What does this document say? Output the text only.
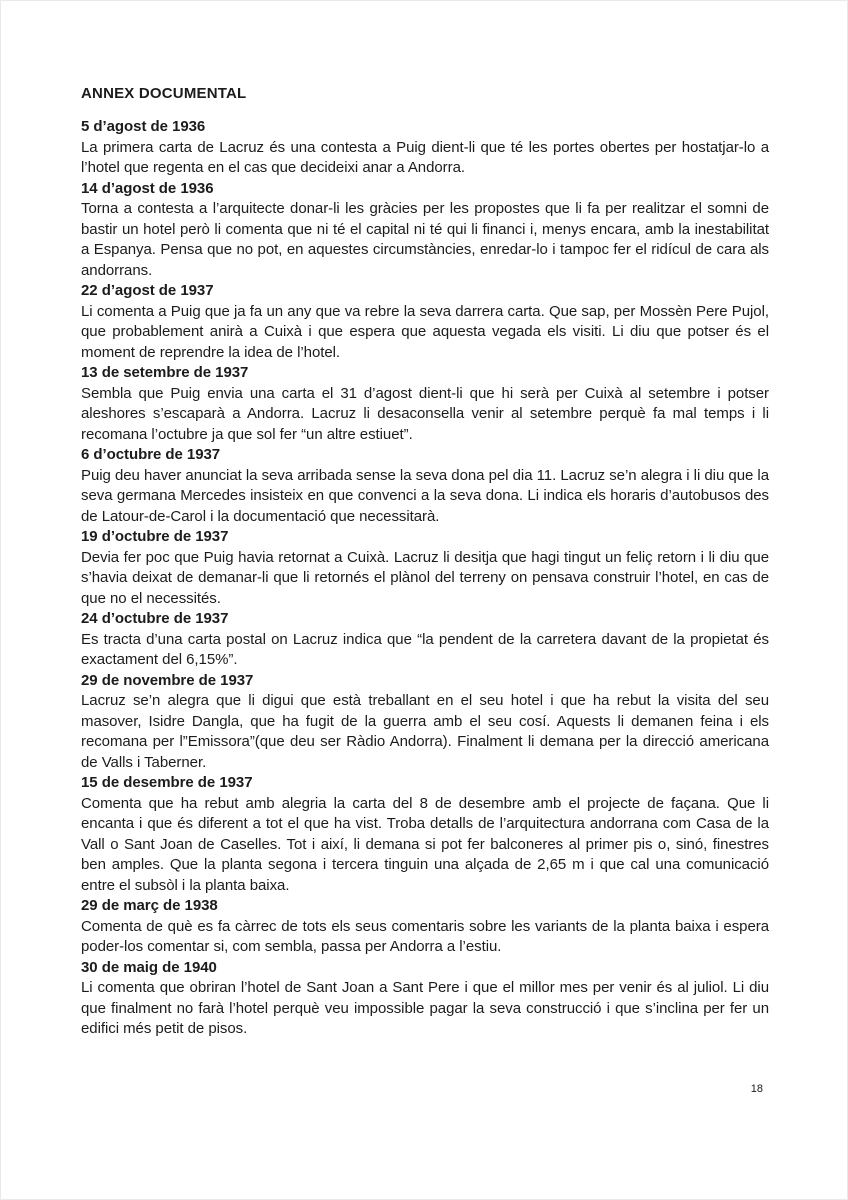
ANNEX DOCUMENTAL
5 d’agost de 1936

La primera carta de Lacruz és una contesta a Puig dient-li que té les portes obertes per hostatjar-lo a l’hotel que regenta en el cas que decideixi anar a Andorra.

14 d’agost de 1936

Torna a contesta a l’arquitecte donar-li les gràcies per les propostes que li fa per realitzar el somni de bastir un hotel però li comenta que ni té el capital ni té qui li financi i, menys encara, amb la inestabilitat a Espanya. Pensa que no pot, en aquestes circumstàncies, enredar-lo i tampoc fer el ridícul de cara als andorrans.

22 d’agost de 1937

Li comenta a Puig que ja fa un any que va rebre la seva darrera carta. Que sap, per Mossèn Pere Pujol, que probablement anirà a Cuixà i que espera que aquesta vegada els visiti. Li diu que potser és el moment de reprendre la idea de l’hotel.

13 de setembre de 1937

Sembla que Puig envia una carta el 31 d’agost dient-li que hi serà per Cuixà al setembre i potser aleshores s’escaparà a Andorra. Lacruz li desaconsella venir al setembre perquè fa mal temps i li recomana l’octubre ja que sol fer “un altre estiuet”.

6 d’octubre de 1937

Puig deu haver anunciat la seva arribada sense la seva dona pel dia 11. Lacruz se’n alegra i li diu que la seva germana Mercedes insisteix en que convenci a la seva dona. Li indica els horaris d’autobusos des de Latour-de-Carol i la documentació que necessitarà.

19 d’octubre de 1937

Devia fer poc que Puig havia retornat a Cuixà. Lacruz li desitja que hagi tingut un feliç retorn i li diu que s’havia deixat de demanar-li que li retornés el plànol del terreny on pensava construir l’hotel, en cas de que no el necessités.

24 d’octubre de 1937

Es tracta d’una carta postal on Lacruz indica que “la pendent de la carretera davant de la propietat és exactament del 6,15%”.

29 de novembre de 1937

Lacruz se’n alegra que li digui que està treballant en el seu hotel i que ha rebut la visita del seu masover, Isidre Dangla, que ha fugit de la guerra amb el seu cosí. Aquests li demanen feina i els recomana per l”Emissora”(que deu ser Ràdio Andorra). Finalment li demana per la direcció americana de Valls i Taberner.

15 de desembre de 1937

Comenta que ha rebut amb alegria la carta del 8 de desembre amb el projecte de façana. Que li encanta i que és diferent a tot el que ha vist. Troba detalls de l’arquitectura andorrana com Casa de la Vall o Sant Joan de Caselles. Tot i així, li demana si pot fer balconeres al primer pis o, sinó, finestres ben amples. Que la planta segona i tercera tinguin una alçada de 2,65 m i que cal una comunicació entre el subsòl i la planta baixa.

29 de març de 1938

Comenta de què es fa càrrec de tots els seus comentaris sobre les variants de la planta baixa i espera poder-los comentar si, com sembla, passa per Andorra a l’estiu.

30 de maig de 1940

Li comenta que obriran l’hotel de Sant Joan a Sant Pere i que el millor mes per venir és al juliol. Li diu que finalment no farà l’hotel perquè veu impossible pagar la seva construcció i que s’inclina per fer un edifici més petit de pisos.

18
